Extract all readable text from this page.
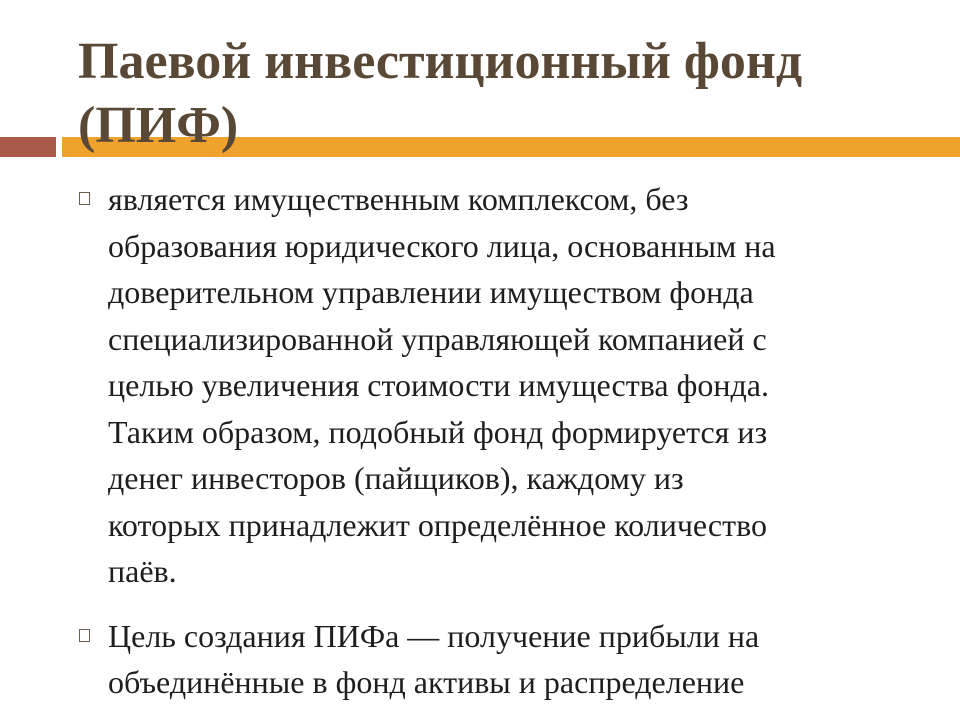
Паевой инвестиционный фонд
(ПИФ)
является имущественным комплексом, без
образования юридического лица, основанным на
доверительном управлении имуществом фонда
специализированной управляющей компанией с
целью увеличения стоимости имущества фонда.
Таким образом, подобный фонд формируется из
денег инвесторов (пайщиков), каждому из
которых принадлежит определённое количество
паёв.
Цель создания ПИФа — получение прибыли на
объединённые в фонд активы и распределение
